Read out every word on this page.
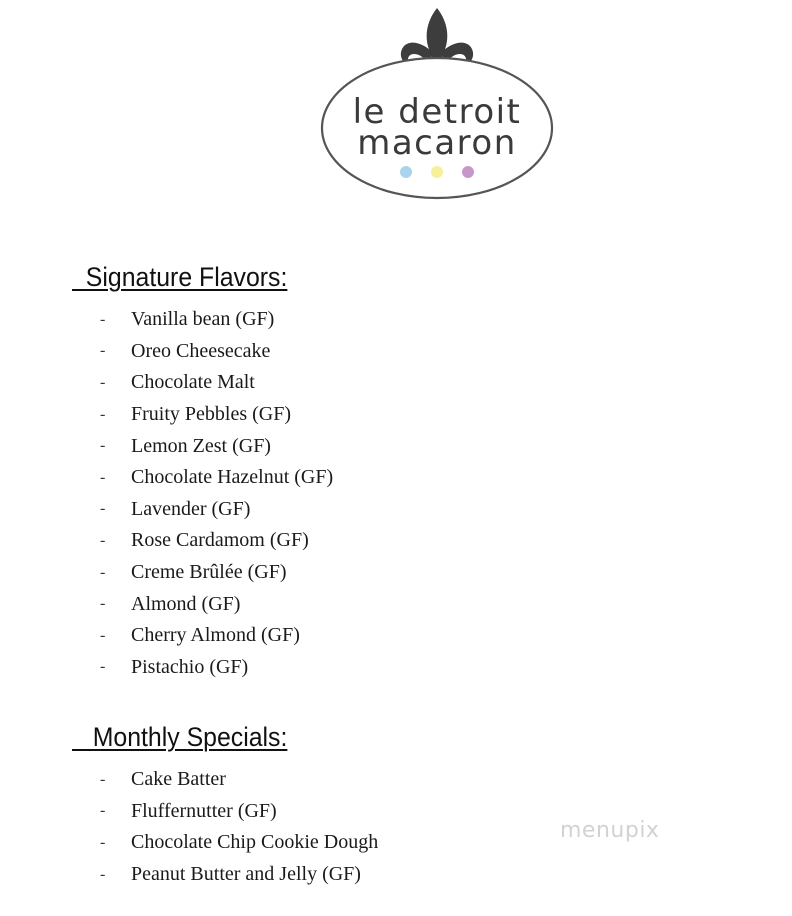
le detroit
macaron
Signature Flavors:
-	Vanilla bean (GF)
-	Oreo Cheesecake
-	Chocolate Malt
-	Fruity Pebbles (GF)
-	Lemon Zest (GF)
-	Chocolate Hazelnut (GF)
-	Lavender (GF)
-	Rose Cardamom (GF)
-	Creme Brûlée (GF)
-	Almond (GF)
-	Cherry Almond (GF)
-	Pistachio (GF)
Monthly Specials:
-	Cake Batter
-	Fluffernutter (GF)
-	Chocolate Chip Cookie Dough
-	Peanut Butter and Jelly (GF)
menupix
